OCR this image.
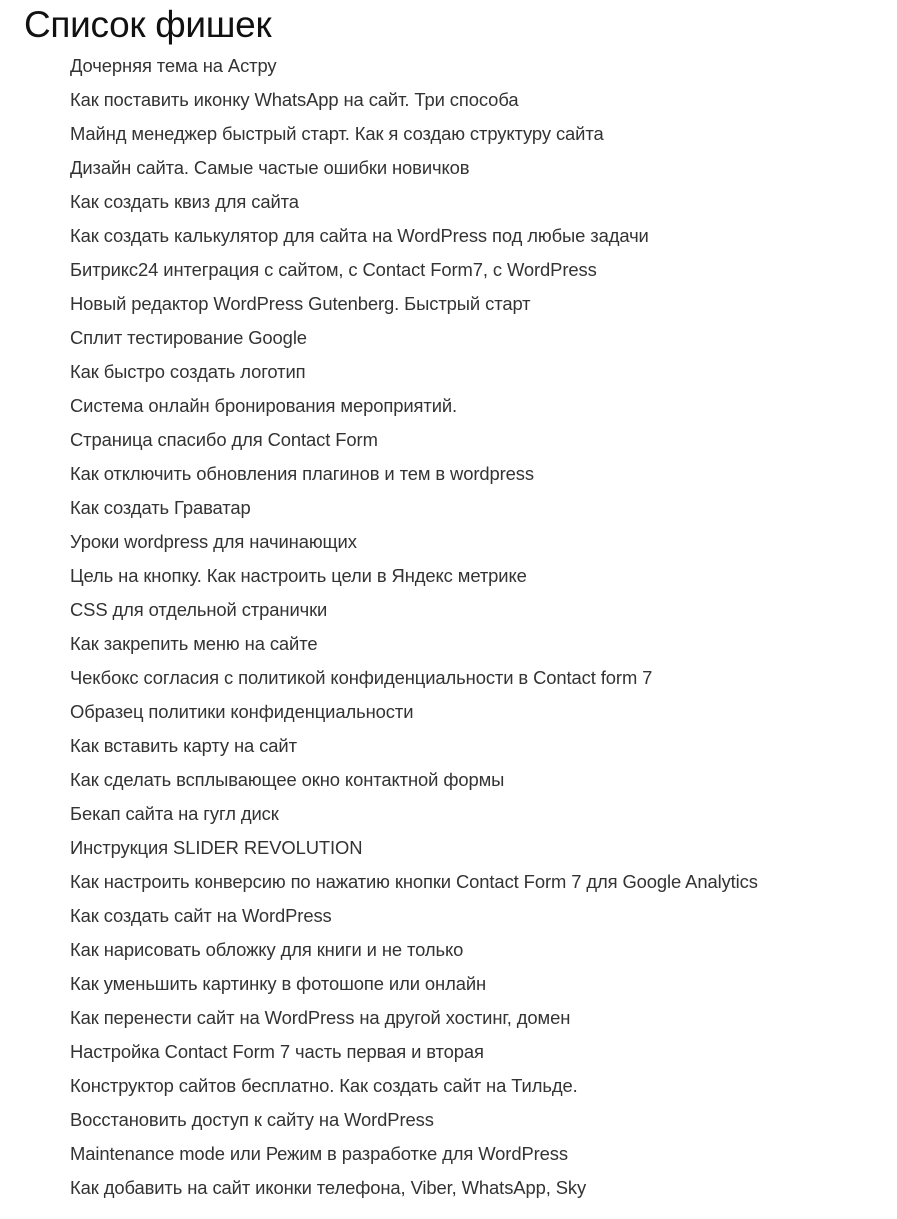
Список фишек
Дочерняя тема на Астру
Как поставить иконку WhatsApp на сайт. Три способа
Майнд менеджер быстрый старт. Как я создаю структуру сайта
Дизайн сайта. Самые частые ошибки новичков
Как создать квиз для сайта
Как создать калькулятор для сайта на WordPress под любые задачи
Битрикс24 интеграция с сайтом, с Contact Form7, с WordPress
Новый редактор WordPress Gutenberg. Быстрый старт
Сплит тестирование Google
Как быстро создать логотип
Система онлайн бронирования мероприятий.
Страница спасибо для Contact Form
Как отключить обновления плагинов и тем в wordpress
Как создать Граватар
Уроки wordpress для начинающих
Цель на кнопку. Как настроить цели в Яндекс метрике
CSS для отдельной странички
Как закрепить меню на сайте
Чекбокс согласия с политикой конфиденциальности в Contact form 7
Образец политики конфиденциальности
Как вставить карту на сайт
Как сделать всплывающее окно контактной формы
Бекап сайта на гугл диск
Инструкция SLIDER REVOLUTION
Как настроить конверсию по нажатию кнопки Contact Form 7 для Google Analytics
Как создать сайт на WordPress
Как нарисовать обложку для книги и не только
Как уменьшить картинку в фотошопе или онлайн
Как перенести сайт на WordPress на другой хостинг, домен
Настройка Contact Form 7 часть первая и вторая
Конструктор сайтов бесплатно. Как создать сайт на Тильде.
Восстановить доступ к сайту на WordPress
Maintenance mode или Режим в разработке для WordPress
Как добавить на сайт иконки телефона, Viber, WhatsApp, Sky
